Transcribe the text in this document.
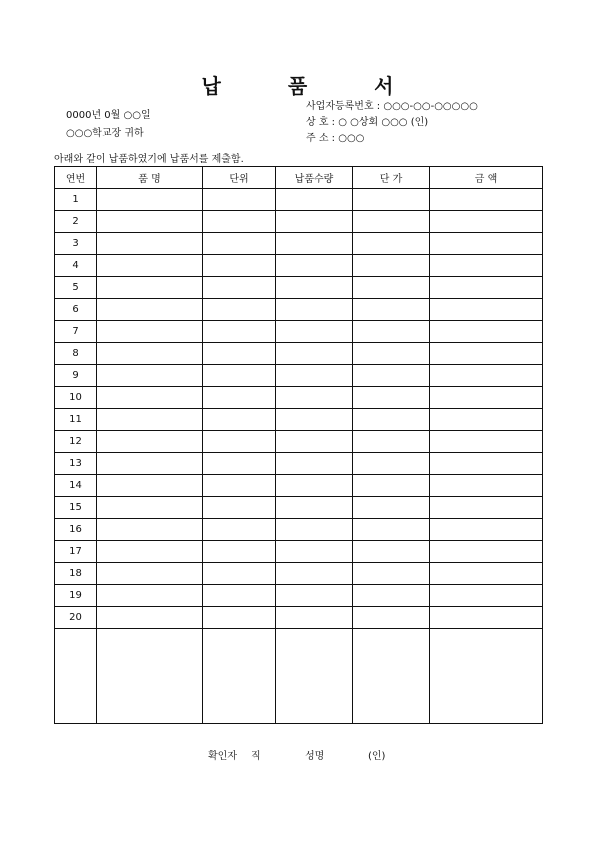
납 품 서
0000년 0월 ○○일
○○○학교장 귀하
사업자등록번호 : ○○○-○○-○○○○○
상 호 : ○ ○상회 ○○○ (인)
주 소 : ○○○
아래와 같이 납품하였기에 납품서를 제출함.
연번	품 명	단위	납품수량	단 가	금 액
1					
2					
3					
4					
5					
6					
7					
8					
9					
10					
11					
12					
13					
14					
15					
16					
17					
18					
19					
20					

확인자 직	성명	(인)
